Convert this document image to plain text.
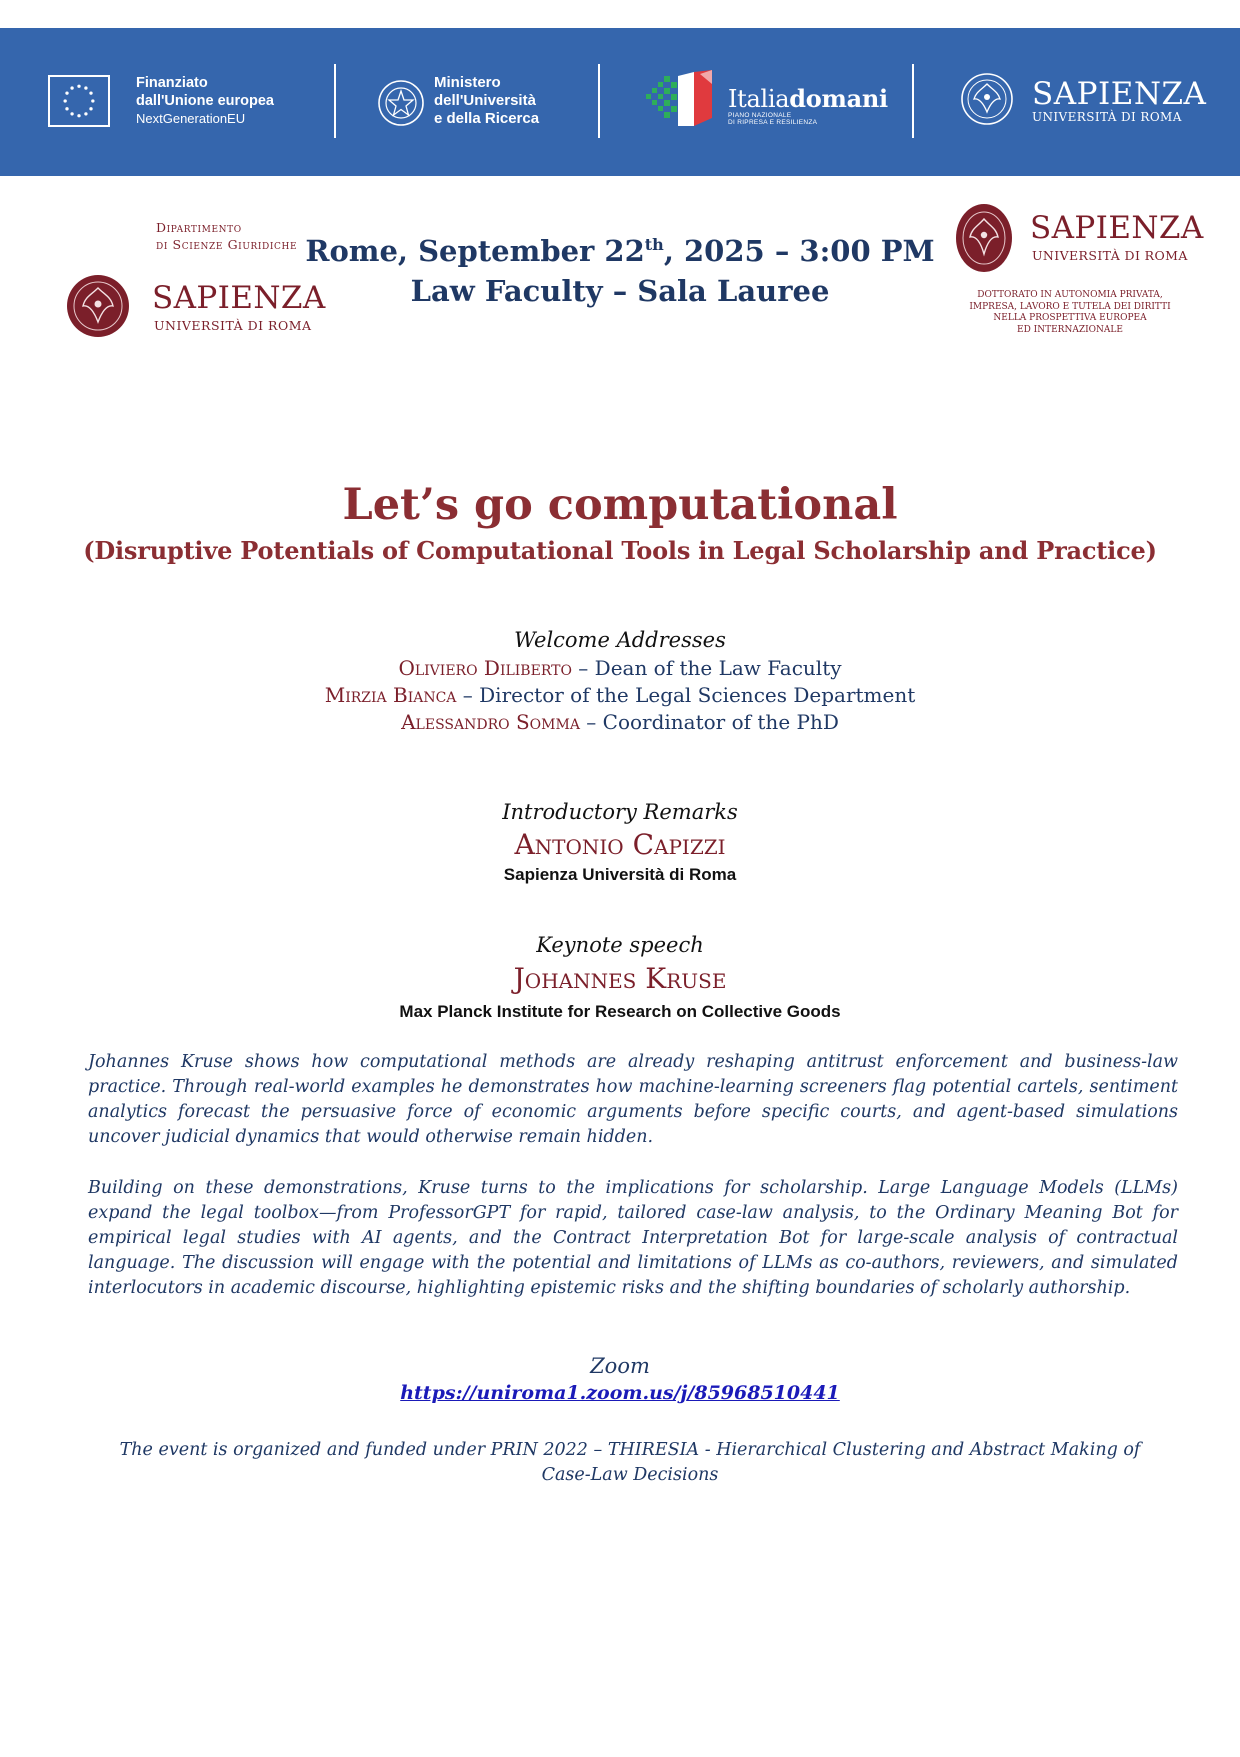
Finanziato
dall'Unione europea
NextGenerationEU
Ministero
dell'Università
e della Ricerca
Italiadomani
PIANO NAZIONALE
DI RIPRESA E RESILIENZA
SAPIENZA
UNIVERSITÀ DI ROMA
Dipartimento
di Scienze Giuridiche
SAPIENZA
UNIVERSITÀ DI ROMA
SAPIENZA
UNIVERSITÀ DI ROMA
DOTTORATO IN AUTONOMIA PRIVATA,
IMPRESA, LAVORO E TUTELA DEI DIRITTI
NELLA PROSPETTIVA EUROPEA
ED INTERNAZIONALE
Rome, September 22th, 2025 – 3:00 PM
Law Faculty – Sala Lauree
Let’s go computational
(Disruptive Potentials of Computational Tools in Legal Scholarship and Practice)
Welcome Addresses
Oliviero Diliberto – Dean of the Law Faculty
Mirzia Bianca – Director of the Legal Sciences Department
Alessandro Somma – Coordinator of the PhD
Introductory Remarks
Antonio Capizzi
Sapienza Università di Roma
Keynote speech
Johannes Kruse
Max Planck Institute for Research on Collective Goods

Johannes Kruse shows how computational methods are already reshaping antitrust enforcement and business-law practice. Through real-world examples he demonstrates how machine-learning screeners flag potential cartels, sentiment analytics forecast the persuasive force of economic arguments before specific courts, and agent-based simulations uncover judicial dynamics that would otherwise remain hidden.

Building on these demonstrations, Kruse turns to the implications for scholarship. Large Language Models (LLMs) expand the legal toolbox—from ProfessorGPT for rapid, tailored case-law analysis, to the Ordinary Meaning Bot for empirical legal studies with AI agents, and the Contract Interpretation Bot for large-scale analysis of contractual language. The discussion will engage with the potential and limitations of LLMs as co-authors, reviewers, and simulated interlocutors in academic discourse, highlighting epistemic risks and the shifting boundaries of scholarly authorship.

Zoom
https://uniroma1.zoom.us/j/85968510441
The event is organized and funded under PRIN 2022 – THIRESIA - Hierarchical Clustering and Abstract Making of
Case-Law Decisions
